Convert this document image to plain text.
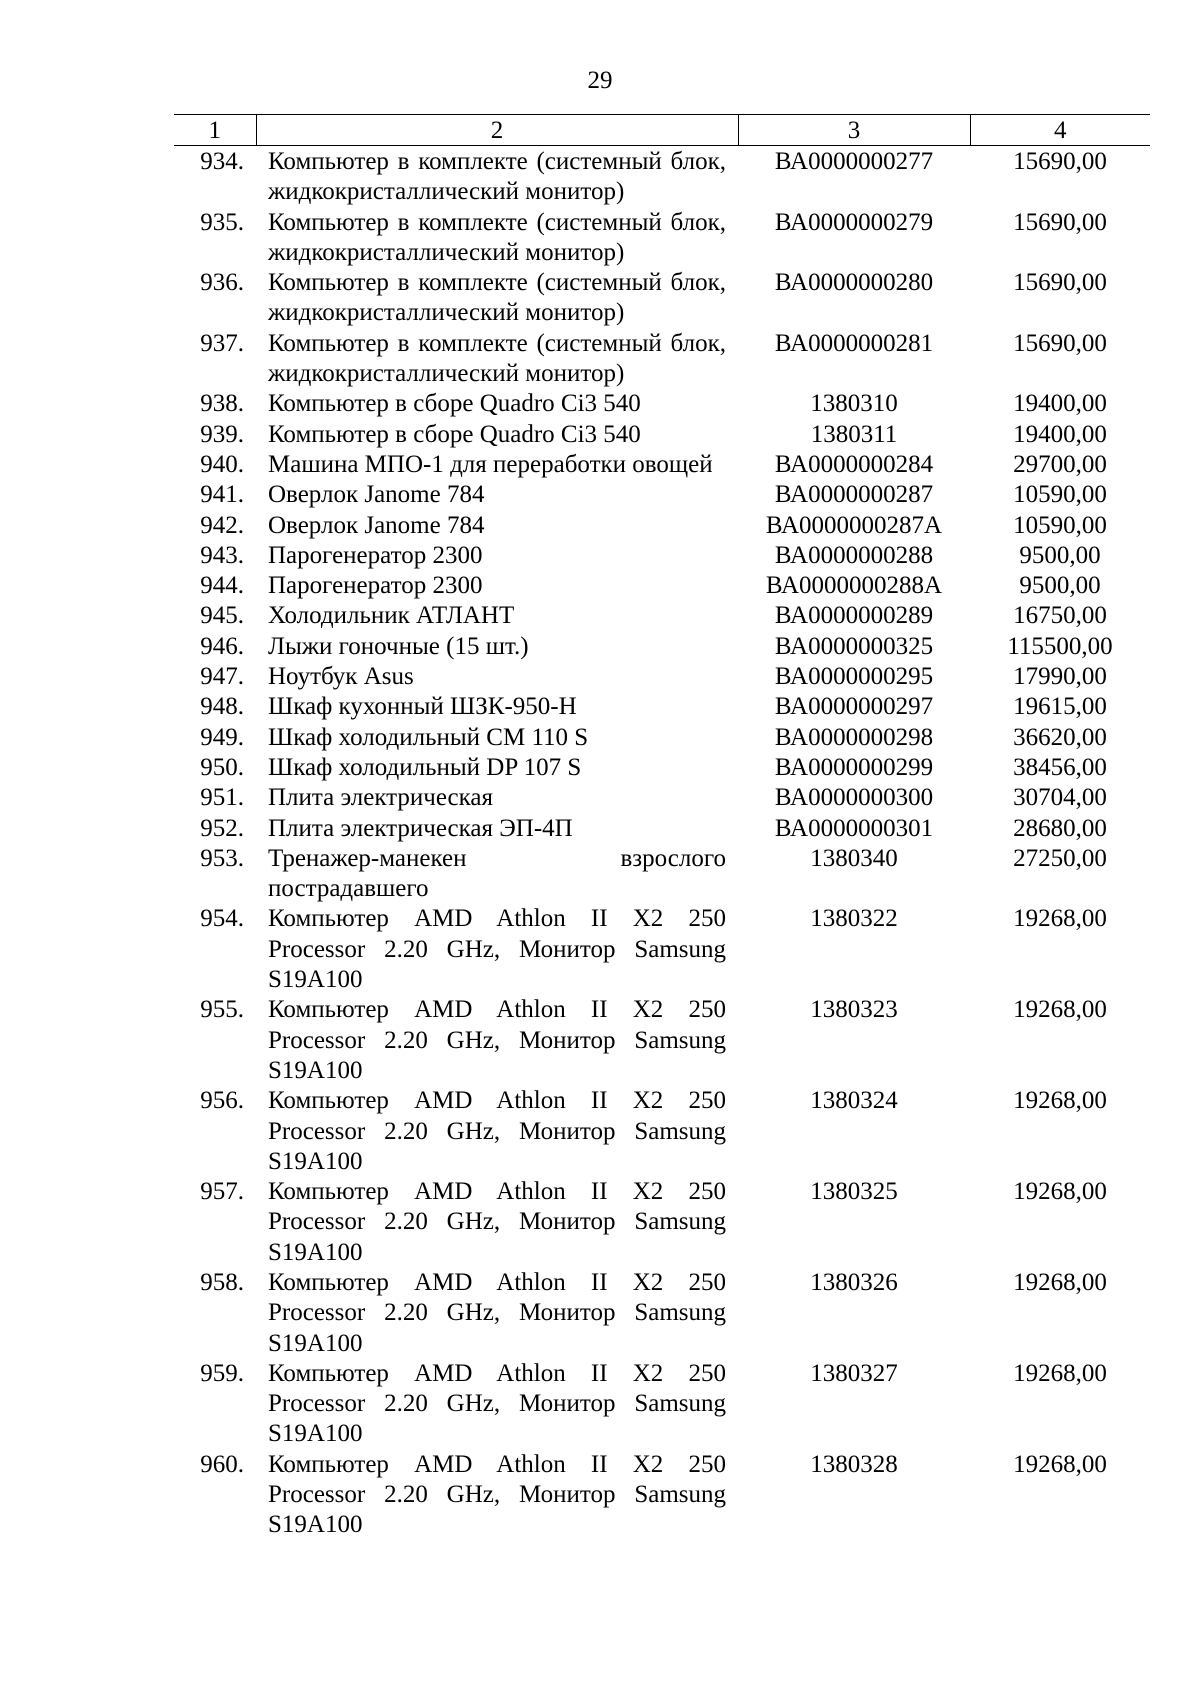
29
1	2	3	4
934.	Компьютер в комплекте (системный блок, жидкокристаллический монитор)	ВА0000000277	15690,00
935.	Компьютер в комплекте (системный блок, жидкокристаллический монитор)	ВА0000000279	15690,00
936.	Компьютер в комплекте (системный блок, жидкокристаллический монитор)	ВА0000000280	15690,00
937.	Компьютер в комплекте (системный блок, жидкокристаллический монитор)	ВА0000000281	15690,00
938.	Компьютер в сборе Quadro Ci3 540	1380310	19400,00
939.	Компьютер в сборе Quadro Ci3 540	1380311	19400,00
940.	Машина МПО-1 для переработки овощей	ВА0000000284	29700,00
941.	Оверлок Janome 784	ВА0000000287	10590,00
942.	Оверлок Janome 784	ВА0000000287А	10590,00
943.	Парогенератор 2300	ВА0000000288	9500,00
944.	Парогенератор 2300	ВА0000000288А	9500,00
945.	Холодильник АТЛАНТ	ВА0000000289	16750,00
946.	Лыжи гоночные (15 шт.)	ВА0000000325	115500,00
947.	Ноутбук Asus	ВА0000000295	17990,00
948.	Шкаф кухонный ШЗК-950-Н	ВА0000000297	19615,00
949.	Шкаф холодильный СМ 110 S	ВА0000000298	36620,00
950.	Шкаф холодильный DP 107 S	ВА0000000299	38456,00
951.	Плита электрическая	ВА0000000300	30704,00
952.	Плита электрическая ЭП-4П	ВА0000000301	28680,00
953.	Тренажер-манекен взрослого пострадавшего	1380340	27250,00
954.	Компьютер AMD Athlon II X2 250 Processor 2.20 GHz, Монитор Samsung S19A100	1380322	19268,00
955.	Компьютер AMD Athlon II X2 250 Processor 2.20 GHz, Монитор Samsung S19A100	1380323	19268,00
956.	Компьютер AMD Athlon II X2 250 Processor 2.20 GHz, Монитор Samsung S19A100	1380324	19268,00
957.	Компьютер AMD Athlon II X2 250 Processor 2.20 GHz, Монитор Samsung S19A100	1380325	19268,00
958.	Компьютер AMD Athlon II X2 250 Processor 2.20 GHz, Монитор Samsung S19A100	1380326	19268,00
959.	Компьютер AMD Athlon II X2 250 Processor 2.20 GHz, Монитор Samsung S19A100	1380327	19268,00
960.	Компьютер AMD Athlon II X2 250 Processor 2.20 GHz, Монитор Samsung S19A100	1380328	19268,00
